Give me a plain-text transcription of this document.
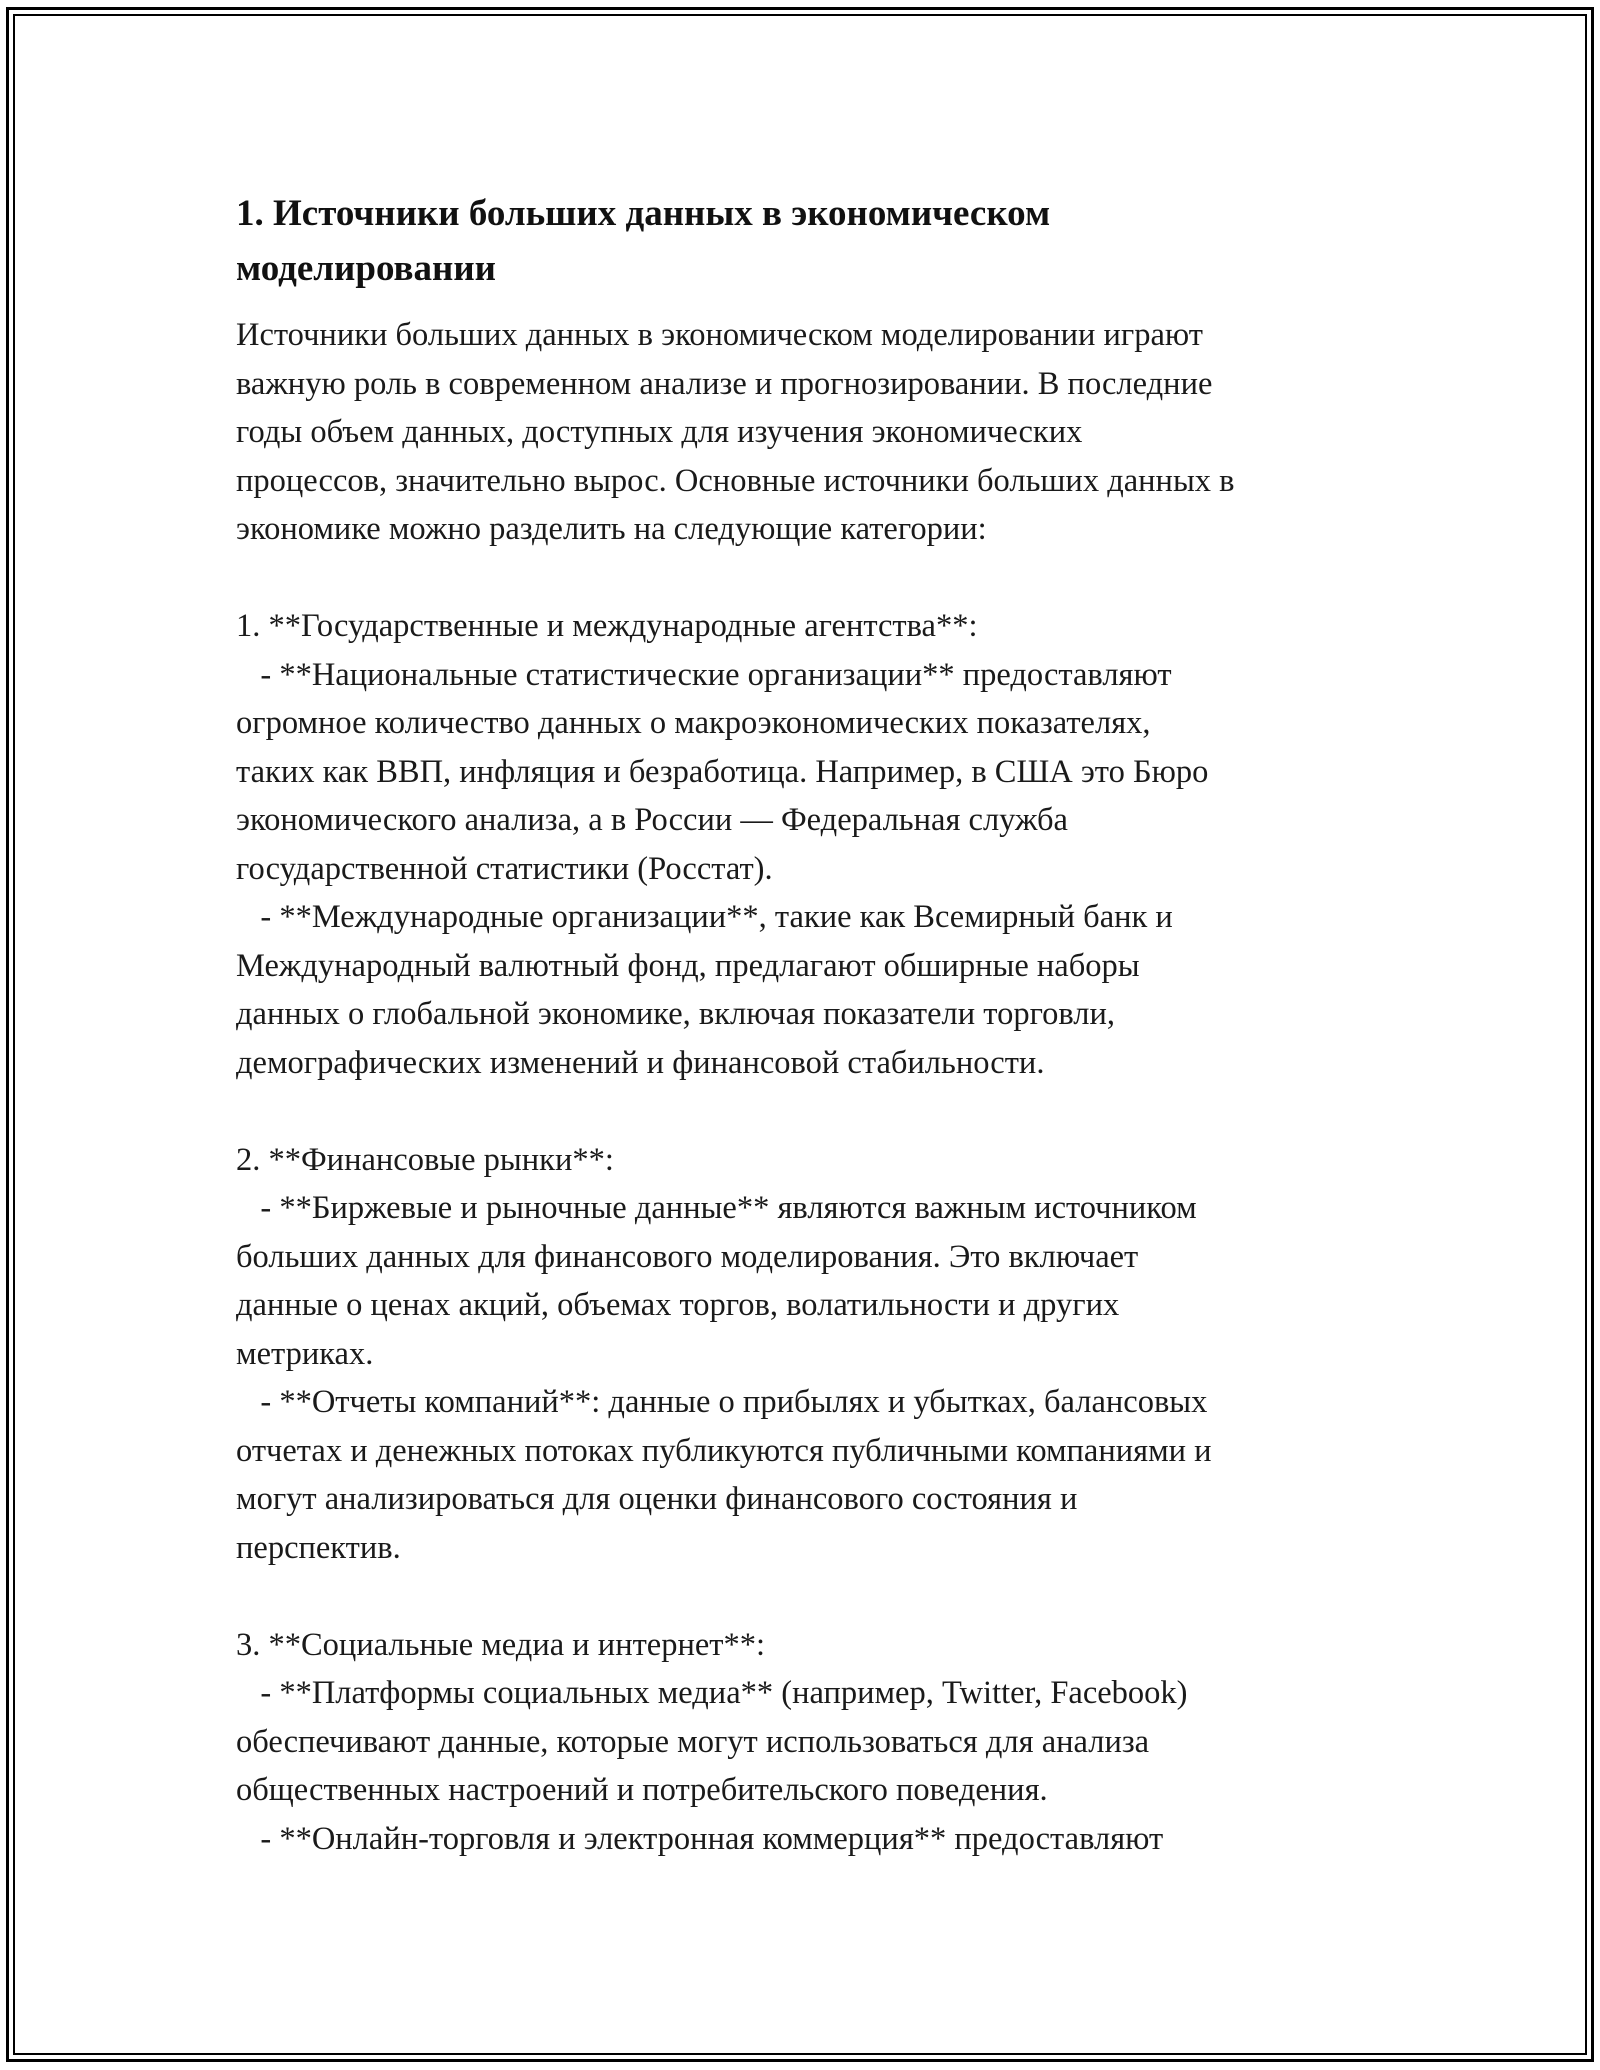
1. Источники больших данных в экономическом
моделировании
Источники больших данных в экономическом моделировании играют
важную роль в современном анализе и прогнозировании. В последние
годы объем данных, доступных для изучения экономических
процессов, значительно вырос. Основные источники больших данных в
экономике можно разделить на следующие категории:

1. **Государственные и международные агентства**:
- **Национальные статистические организации** предоставляют
огромное количество данных о макроэкономических показателях,
таких как ВВП, инфляция и безработица. Например, в США это Бюро
экономического анализа, а в России — Федеральная служба
государственной статистики (Росстат).
- **Международные организации**, такие как Всемирный банк и
Международный валютный фонд, предлагают обширные наборы
данных о глобальной экономике, включая показатели торговли,
демографических изменений и финансовой стабильности.

2. **Финансовые рынки**:
- **Биржевые и рыночные данные** являются важным источником
больших данных для финансового моделирования. Это включает
данные о ценах акций, объемах торгов, волатильности и других
метриках.
- **Отчеты компаний**: данные о прибылях и убытках, балансовых
отчетах и денежных потоках публикуются публичными компаниями и
могут анализироваться для оценки финансового состояния и
перспектив.

3. **Социальные медиа и интернет**:
- **Платформы социальных медиа** (например, Twitter, Facebook)
обеспечивают данные, которые могут использоваться для анализа
общественных настроений и потребительского поведения.
- **Онлайн-торговля и электронная коммерция** предоставляют
